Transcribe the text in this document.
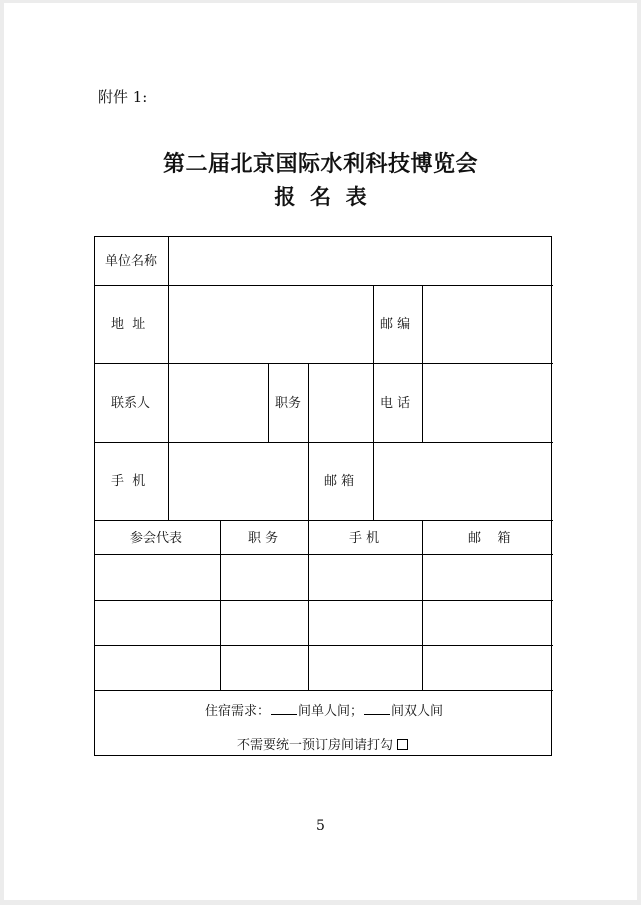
附件 1:
第二届北京国际水利科技博览会
报  名  表
单位名称
地  址	邮 编
联系人	职务	电 话
手  机	邮 箱
参会代表	职 务	手 机	邮    箱
住宿需求： 间单人间； 间双人间
不需要统一预订房间请打勾
5
